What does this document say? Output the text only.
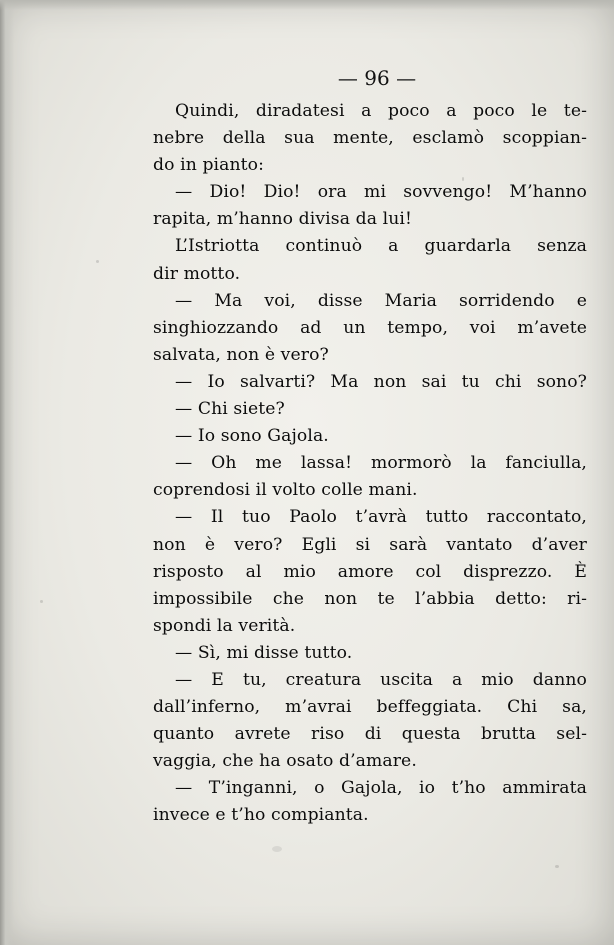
— 96 —
Quindi, diradatesi a poco a poco le te-
nebre della sua mente, esclamò scoppian-
do in pianto:
— Dio! Dio! ora mi sovvengo! M’hanno
rapita, m’hanno divisa da lui!
L’Istriotta continuò a guardarla senza
dir motto.
— Ma voi, disse Maria sorridendo e
singhiozzando ad un tempo, voi m’avete
salvata, non è vero?
— Io salvarti? Ma non sai tu chi sono?
— Chi siete?
— Io sono Gajola.
— Oh me lassa! mormorò la fanciulla,
coprendosi il volto colle mani.
— Il tuo Paolo t’avrà tutto raccontato,
non è vero? Egli si sarà vantato d’aver
risposto al mio amore col disprezzo. È
impossibile che non te l’abbia detto: ri-
spondi la verità.
— Sì, mi disse tutto.
— E tu, creatura uscita a mio danno
dall’inferno, m’avrai beffeggiata. Chi sa,
quanto avrete riso di questa brutta sel-
vaggia, che ha osato d’amare.
— T’inganni, o Gajola, io t’ho ammirata
invece e t’ho compianta.
